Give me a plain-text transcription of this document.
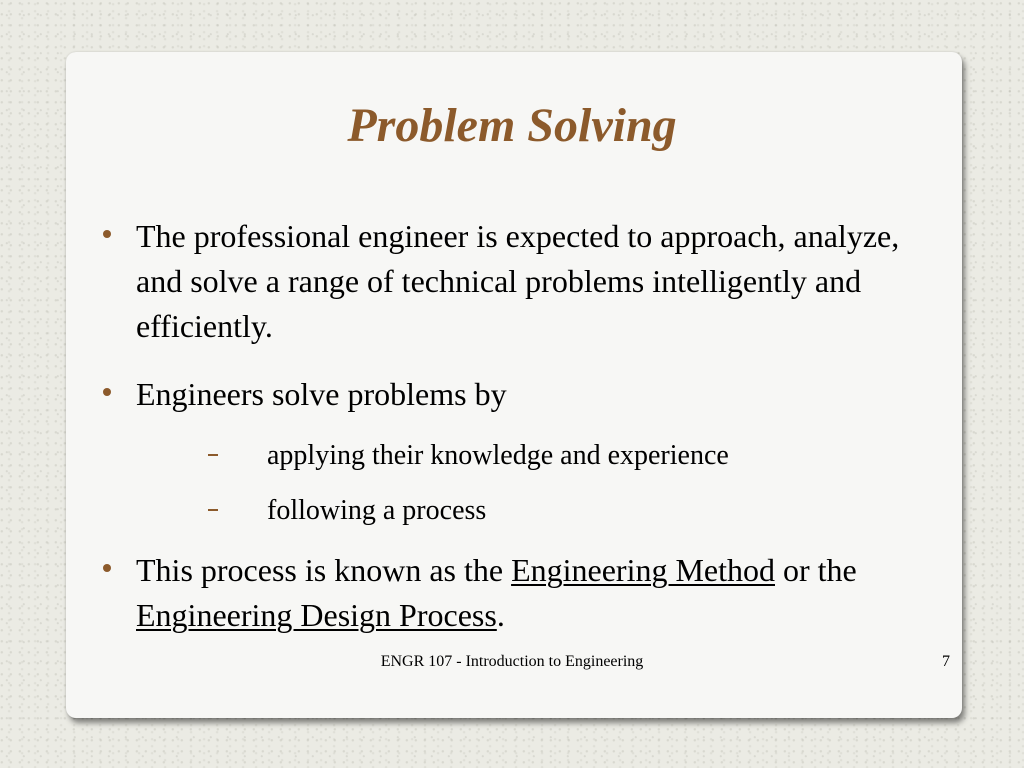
Problem Solving
The professional engineer is expected to approach, analyze, and solve a range of technical problems intelligently and efficiently.
Engineers solve problems by
applying their knowledge and experience
following a process
This process is known as the Engineering Method or the Engineering Design Process.
ENGR 107 - Introduction to Engineering	7
